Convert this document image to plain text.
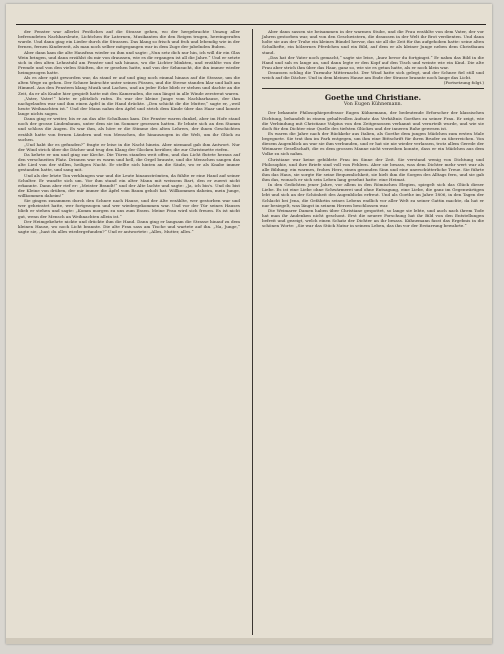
der Fenster war allerlei Festliches auf die Strasse gehen, wo der hergebrachte Umzug aller befreundeten Nachbarsleute, Lichtchen für Laternen, Musikanten die den Reigen trugen, hereingerufen wurde. Und dann ging ein Lieder durch die Strassen. Das klang so frisch und froh und lebendig wie in der fernen, fernen Kinderzeit, als man noch selber mitgegangen war in dem Zuge der jubelnden Buben.

Aber dann kam die alte Hausfrau wieder zu ihm und sagte: „Nun setz dich nur hin, ich will dir ein Glas Wein bringen, und dann erzählst du mir von draussen, wie es dir ergangen ist all die Jahre.“ Und er setzte sich in den alten Lehnstuhl am Fenster und sah hinaus, wo die Lichter blinkten, und erzählte von der Fremde und von den vielen Städten, die er gesehen hatte, und von der Sehnsucht, die ihn immer wieder heimgezogen hatte.

Als es aber spät geworden war, da stand er auf und ging noch einmal hinaus auf die Strasse, um die alten Wege zu gehen. Der Schnee knirschte unter seinen Füssen, und die Sterne standen klar und kalt am Himmel. Aus den Fenstern klang Musik und Lachen, und an jeder Ecke blieb er stehen und dachte an die Zeit, da er als Knabe hier gespielt hatte mit den Kameraden, die nun längst in alle Winde zerstreut waren.

„Vater, Vater!“ hörte er plötzlich rufen. Es war der kleine Junge vom Nachbarhause, der ihm nachgelaufen war und ihm einen Apfel in die Hand drückte. „Den schickt dir die Mutter,“ sagte er, „weil heute Weihnachten ist.“ Und der Mann nahm den Apfel und strich dem Kinde über das Haar und konnte lange nichts sagen.

Dann ging er weiter, bis er an das alte Schulhaus kam. Die Fenster waren dunkel, aber im Hofe stand noch der grosse Lindenbaum, unter dem sie im Sommer gesessen hatten. Er lehnte sich an den Stamm und schloss die Augen. Es war ihm, als höre er die Stimme des alten Lehrers, der ihnen Geschichten erzählt hatte von fernen Ländern und von Menschen, die hinauszogen in die Welt, um ihr Glück zu suchen.

„Und habt ihr es gefunden?“ fragte er leise in die Nacht hinein. Aber niemand gab ihm Antwort. Nur der Wind strich über die Dächer und trug den Klang der Glocken herüber, die zur Christmette riefen.

Da kehrte er um und ging zur Kirche. Die Türen standen weit offen, und das Licht flutete heraus auf den verschneiten Platz. Drinnen war es warm und hell, die Orgel brauste, und die Menschen sangen das alte Lied von der stillen, heiligen Nacht. Er stellte sich hinten an die Säule, wo er als Knabe immer gestanden hatte, und sang mit.

Und als der letzte Ton verklungen war und die Leute hinausströmten, da fühlte er eine Hand auf seiner Schulter. Er wandte sich um. Vor ihm stand ein alter Mann mit weissem Bart, den er zuerst nicht erkannte. Dann aber rief er: „Meister Brandt!“ und der Alte lachte und sagte: „Ja, ich bin's. Und du bist der Kleine von drüben, der mir immer die Äpfel vom Baum geholt hat. Willkommen daheim, mein Junge, willkommen daheim!“

Sie gingen zusammen durch den Schnee nach Hause, und der Alte erzählte, wer gestorben war und wer geheiratet hatte, wer fortgezogen und wer wiedergekommen war. Und vor der Tür seines Hauses blieb er stehen und sagte: „Komm morgen zu uns zum Essen. Meine Frau wird sich freuen. Es ist nicht gut, wenn der Mensch an Weihnachten allein ist.“

Der Heimgekehrte nickte und drückte ihm die Hand. Dann ging er langsam die Strasse hinauf zu dem kleinen Hause, wo noch Licht brannte. Die alte Frau sass am Tische und wartete auf ihn. „Na, Junge,“ sagte sie, „hast du alles wiedergefunden?“ Und er antwortete: „Alles, Mutter, alles.“

Aber dann sassen sie beisammen in der warmen Stube, und die Frau erzählte von dem Vater, der vor Jahren gestorben war, und von den Geschwistern, die draussen in der Welt ihr Brot verdienten. Und dann holte sie aus der Truhe ein kleines Bündel hervor, das sie all die Zeit für ihn aufgehoben hatte: seine alten Schulhefte, ein hölzernes Pferdchen und ein Bild, auf dem er als kleiner Junge neben dem Christbaum stand.

„Das hat der Vater noch gemacht,“ sagte sie leise, „kurz bevor du fortgingst.“ Er nahm das Bild in die Hand und sah es lange an, und dann legte er den Kopf auf den Tisch und weinte wie ein Kind. Die alte Frau aber strich ihm über das Haar, ganz so, wie sie es getan hatte, als er noch klein war.

Draussen schlug die Turmuhr Mitternacht. Der Wind hatte sich gelegt, und der Schnee fiel still und weich auf die Dächer. Und in dem kleinen Hause am Ende der Strasse brannte noch lange das Licht.

(Fortsetzung folgt.)
Goethe und Christiane.
Von Eugen Kühnemann.

Der bekannte Philosophieprofessor Eugen Kühnemann, der bedeutende Erforscher der klassischen Dichtung, behandelt in einem gehaltvollen Aufsatz das Verhältnis Goethes zu seiner Frau. Er zeigt, wie die Verbindung mit Christiane Vulpius von den Zeitgenossen verkannt und verurteilt wurde, und wie sie doch für den Dichter eine Quelle des tiefsten Glückes und der inneren Ruhe gewesen ist.

Es waren die Jahre nach der Rückkehr aus Italien, als Goethe dem jungen Mädchen zum ersten Male begegnete. Sie trat ihm im Park entgegen, um ihm eine Bittschrift für ihren Bruder zu überreichen. Von diesem Augenblick an war sie ihm verbunden, und er hat sie nie wieder verlassen, trotz allem Gerede der Weimarer Gesellschaft, die es dem grossen Manne nicht verzeihen konnte, dass er ein Mädchen aus dem Volke zu sich nahm.

Christiane war keine gebildete Frau im Sinne der Zeit. Sie verstand wenig von Dichtung und Philosophie, und ihre Briefe sind voll von Fehlern. Aber sie besass, was dem Dichter mehr wert war als alle Bildung: ein warmes, frohes Herz, einen gesunden Sinn und eine unerschütterliche Treue. Sie führte ihm das Haus, sie sorgte für seine Bequemlichkeit, sie hielt ihm die Sorgen des Alltags fern, und sie gab ihm das, wonach er sich sein Leben lang gesehnt hatte: eine Heimat.

In den Gedichten jener Jahre, vor allem in den Römischen Elegien, spiegelt sich das Glück dieser Liebe. Es ist eine Liebe ohne Schwärmerei und ohne Entsagung, eine Liebe, die ganz im Gegenwärtigen lebt und sich an der Schönheit des Augenblicks erfreut. Und als Goethe im Jahre 1806, in den Tagen der Schlacht bei Jena, die Gefährtin seines Lebens endlich vor aller Welt zu seiner Gattin machte, da hat er nur besiegelt, was längst in seinem Herzen beschlossen war.

Die Weimarer Damen haben über Christiane gespottet, so lange sie lebte, und auch nach ihrem Tode hat man ihr Andenken nicht geschont. Erst die neuere Forschung hat ihr Bild von den Entstellungen befreit und gezeigt, welch einen Schatz der Dichter an ihr besass. Kühnemann fasst das Ergebnis in die schönen Worte: „Sie war das Stück Natur in seinem Leben, das ihn vor der Erstarrung bewahrte.“
